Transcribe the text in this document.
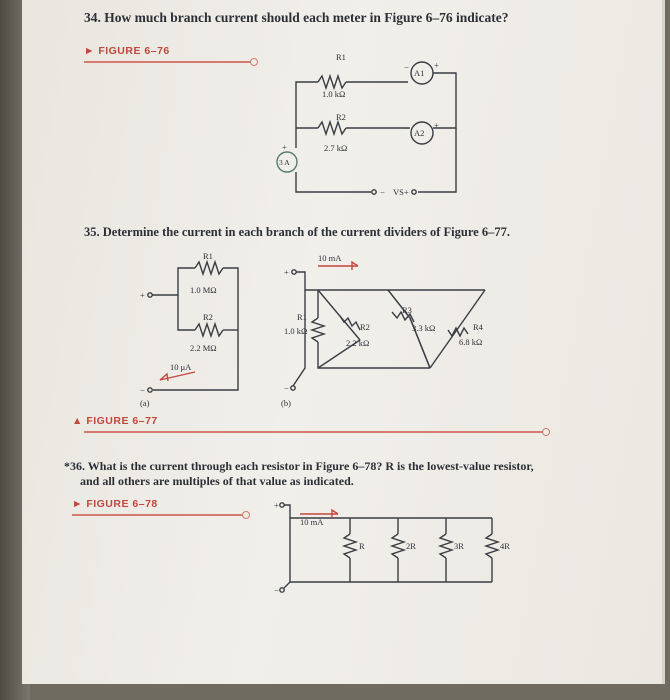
34. How much branch current should each meter in Figure 6–76 indicate?
► FIGURE 6–76
35. Determine the current in each branch of the current dividers of Figure 6–77.
▲ FIGURE 6–77
*36. What is the current through each resistor in Figure 6–78? R is the lowest-value resistor,
and all others are multiples of that value as indicated.
► FIGURE 6–78
R1
1.0 kΩ
R2
2.7 kΩ
A1
A2
3 A
VS
+
−	+
−	+
− +
R1
1.0 MΩ
R2
2.2 MΩ
10 μA
+
−
(a)
10 mA
R1
1.0 kΩ	R2
2.2 kΩ
R3
3.3 kΩ	R4
6.8 kΩ
+
−
(b)
10 mA
R	2R	3R	4R
+
−
